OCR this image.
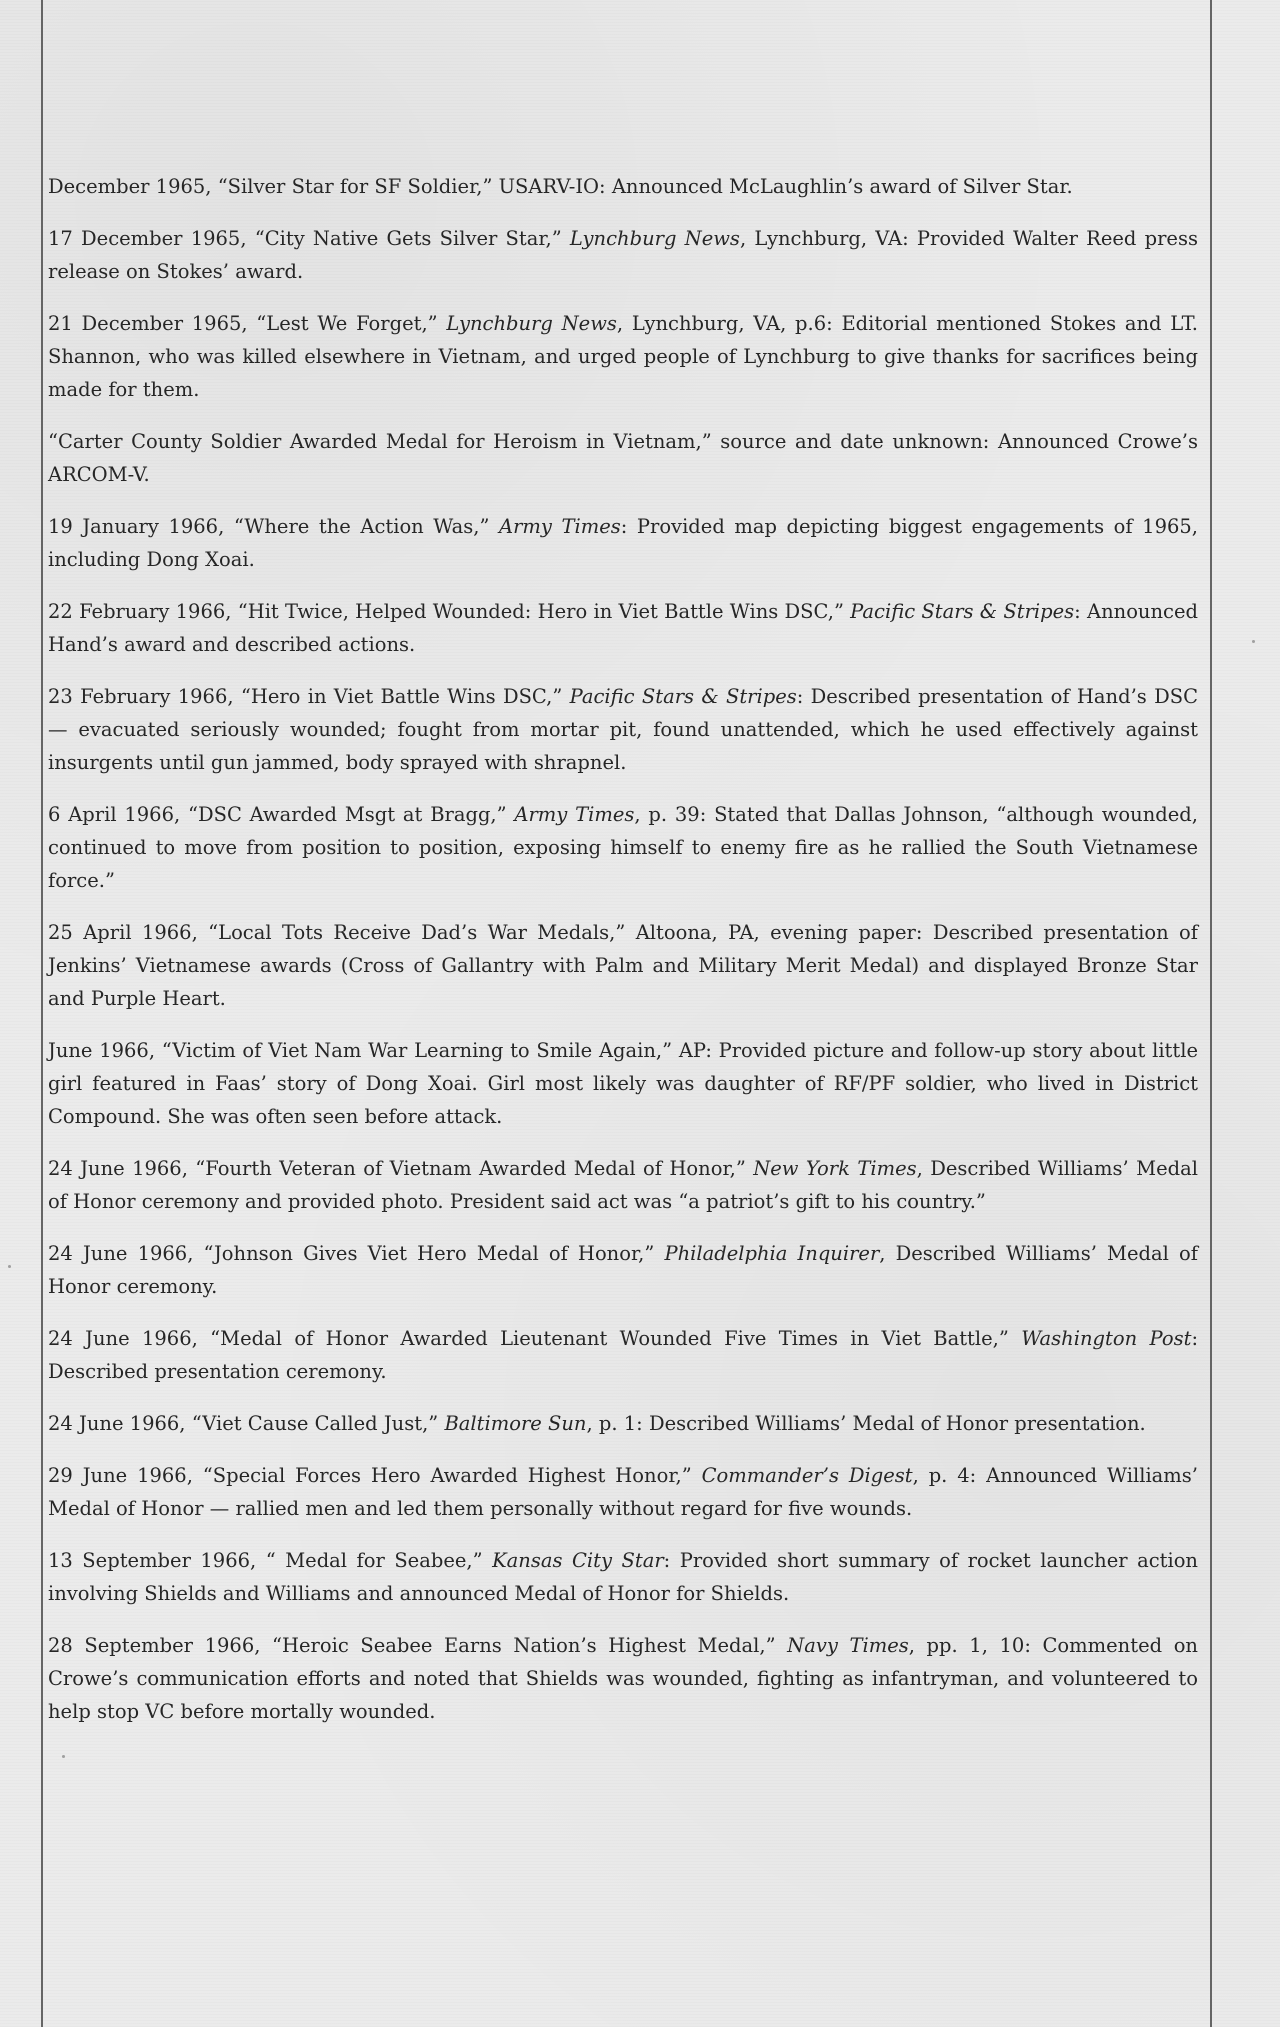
December 1965, “Silver Star for SF Soldier,” USARV-IO: Announced McLaughlin’s award of Silver Star.

17 December 1965, “City Native Gets Silver Star,” Lynchburg News, Lynchburg, VA: Provided Walter Reed press release on Stokes’ award.

21 December 1965, “Lest We Forget,” Lynchburg News, Lynchburg, VA, p.6: Editorial mentioned Stokes and LT. Shannon, who was killed elsewhere in Vietnam, and urged people of Lynchburg to give thanks for sacrifices being made for them.

“Carter County Soldier Awarded Medal for Heroism in Vietnam,” source and date unknown: Announced Crowe’s ARCOM-V.

19 January 1966, “Where the Action Was,” Army Times: Provided map depicting biggest engagements of 1965, including Dong Xoai.

22 February 1966, “Hit Twice, Helped Wounded: Hero in Viet Battle Wins DSC,” Pacific Stars & Stripes: Announced Hand’s award and described actions.

23 February 1966, “Hero in Viet Battle Wins DSC,” Pacific Stars & Stripes: Described presentation of Hand’s DSC — evacuated seriously wounded; fought from mortar pit, found unattended, which he used effectively against insurgents until gun jammed, body sprayed with shrapnel.

6 April 1966, “DSC Awarded Msgt at Bragg,” Army Times, p. 39: Stated that Dallas Johnson, “although wounded, continued to move from position to position, exposing himself to enemy fire as he rallied the South Vietnamese force.”

25 April 1966, “Local Tots Receive Dad’s War Medals,” Altoona, PA, evening paper: Described presentation of Jenkins’ Vietnamese awards (Cross of Gallantry with Palm and Military Merit Medal) and displayed Bronze Star and Purple Heart.

June 1966, “Victim of Viet Nam War Learning to Smile Again,” AP: Provided picture and follow-up story about little girl featured in Faas’ story of Dong Xoai. Girl most likely was daughter of RF/PF soldier, who lived in District Compound. She was often seen before attack.

24 June 1966, “Fourth Veteran of Vietnam Awarded Medal of Honor,” New York Times, Described Williams’ Medal of Honor ceremony and provided photo. President said act was “a patriot’s gift to his country.”

24 June 1966, “Johnson Gives Viet Hero Medal of Honor,” Philadelphia Inquirer, Described Williams’ Medal of Honor ceremony.

24 June 1966, “Medal of Honor Awarded Lieutenant Wounded Five Times in Viet Battle,” Washington Post: Described presentation ceremony.

24 June 1966, “Viet Cause Called Just,” Baltimore Sun, p. 1: Described Williams’ Medal of Honor presentation.

29 June 1966, “Special Forces Hero Awarded Highest Honor,” Commander’s Digest, p. 4: Announced Williams’ Medal of Honor — rallied men and led them personally without regard for five wounds.

13 September 1966, “ Medal for Seabee,” Kansas City Star: Provided short summary of rocket launcher action involving Shields and Williams and announced Medal of Honor for Shields.

28 September 1966, “Heroic Seabee Earns Nation’s Highest Medal,” Navy Times, pp. 1, 10: Commented on Crowe’s communication efforts and noted that Shields was wounded, fighting as infantryman, and volunteered to help stop VC before mortally wounded.
